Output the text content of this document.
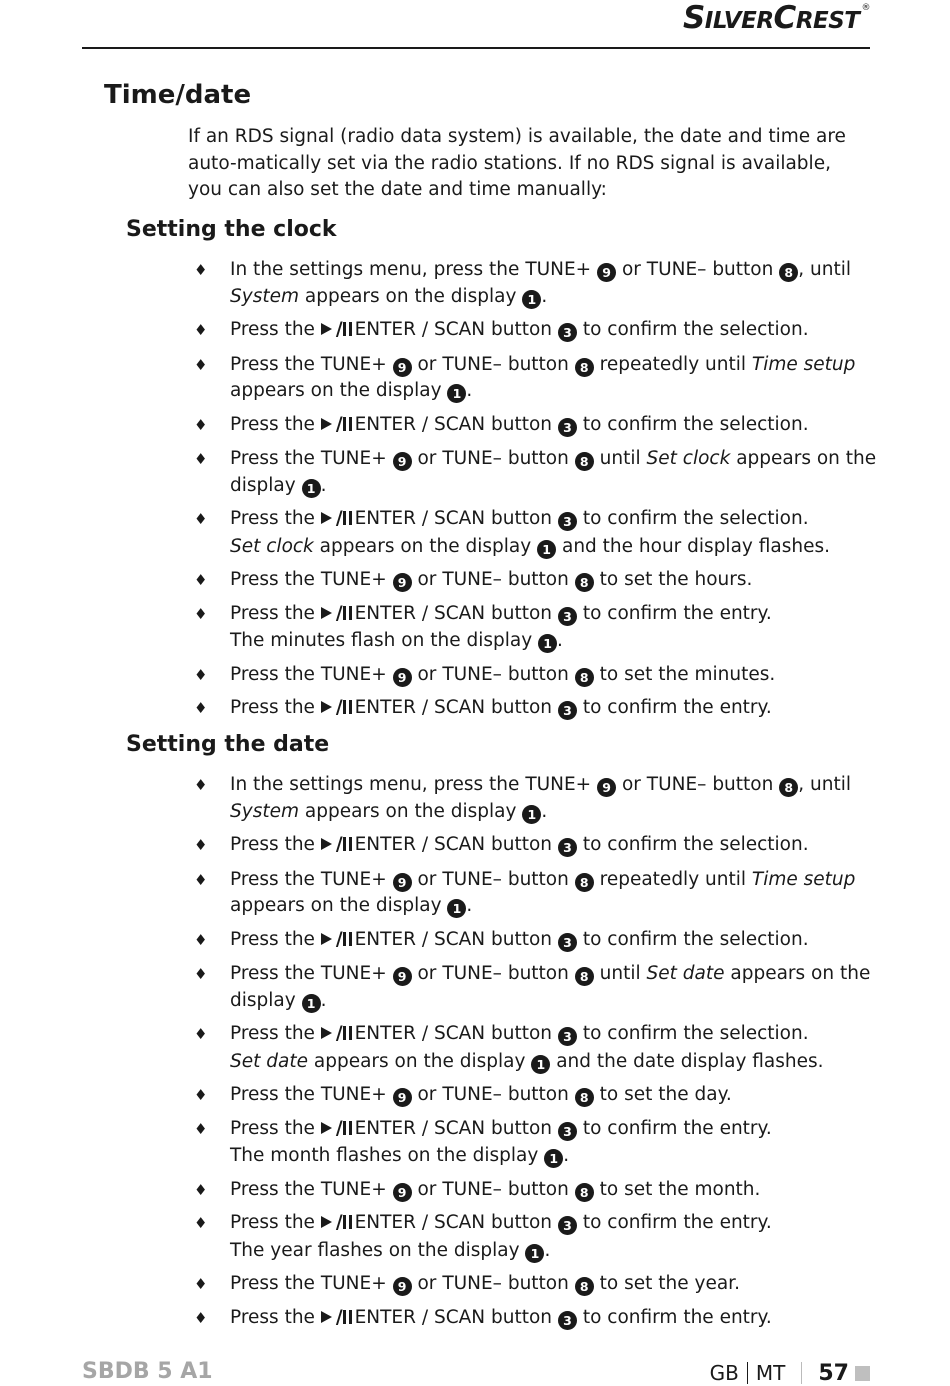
SILVERCREST ®
Time/date

If an RDS signal (radio data system) is available, the date and time are auto-matically set via the radio stations. If no RDS signal is available, you can also set the date and time manually:

Setting the clock
♦ In the settings menu, press the TUNE+ 9 or TUNE– button 8 , until
System appears on the display 1 .
♦ Press the / ENTER / SCAN button 3 to confirm the selection.
♦ Press the TUNE+ 9 or TUNE– button 8 repeatedly until Time setup
appears on the display 1 .
♦ Press the / ENTER / SCAN button 3 to confirm the selection.
♦ Press the TUNE+ 9 or TUNE– button 8 until Set clock appears on the
display 1 .
♦ Press the / ENTER / SCAN button 3 to confirm the selection.
Set clock appears on the display 1 and the hour display flashes.
♦ Press the TUNE+ 9 or TUNE– button 8 to set the hours.
♦ Press the / ENTER / SCAN button 3 to confirm the entry.
The minutes flash on the display 1 .
♦ Press the TUNE+ 9 or TUNE– button 8 to set the minutes.
♦ Press the / ENTER / SCAN button 3 to confirm the entry.
Setting the date
♦ In the settings menu, press the TUNE+ 9 or TUNE– button 8 , until
System appears on the display 1 .
♦ Press the / ENTER / SCAN button 3 to confirm the selection.
♦ Press the TUNE+ 9 or TUNE– button 8 repeatedly until Time setup
appears on the display 1 .
♦ Press the / ENTER / SCAN button 3 to confirm the selection.
♦ Press the TUNE+ 9 or TUNE– button 8 until Set date appears on the
display 1 .
♦ Press the / ENTER / SCAN button 3 to confirm the selection.
Set date appears on the display 1 and the date display flashes.
♦ Press the TUNE+ 9 or TUNE– button 8 to set the day.
♦ Press the / ENTER / SCAN button 3 to confirm the entry.
The month flashes on the display 1 .
♦ Press the TUNE+ 9 or TUNE– button 8 to set the month.
♦ Press the / ENTER / SCAN button 3 to confirm the entry.
The year flashes on the display 1 .
♦ Press the TUNE+ 9 or TUNE– button 8 to set the year.
♦ Press the / ENTER / SCAN button 3 to confirm the entry.
SBDB 5 A1	GB MT 57
